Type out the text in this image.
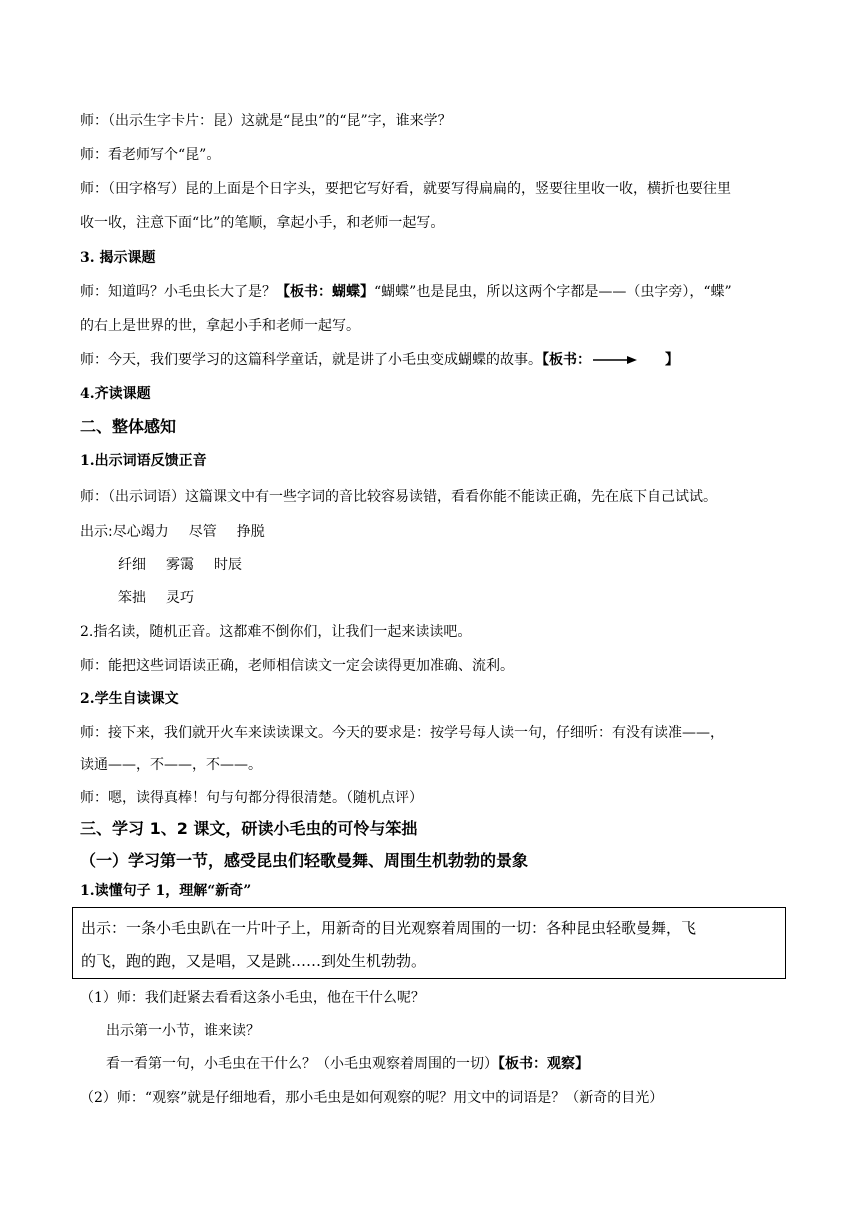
师：（出示生字卡片：昆）这就是“昆虫”的“昆”字，谁来学？
师：看老师写个“昆”。
师：（田字格写）昆的上面是个日字头，要把它写好看，就要写得扁扁的，竖要往里收一收，横折也要往里
收一收，注意下面“比”的笔顺，拿起小手，和老师一起写。
3. 揭示课题
师：知道吗？小毛虫长大了是？【板书：蝴蝶】“蝴蝶”也是昆虫，所以这两个字都是——（虫字旁），“蝶”
的右上是世界的世，拿起小手和老师一起写。
师：今天，我们要学习的这篇科学童话，就是讲了小毛虫变成蝴蝶的故事。【板书：	】
4.齐读课题
二、整体感知
1.出示词语反馈正音
师：（出示词语）这篇课文中有一些字词的音比较容易读错，看看你能不能读正确，先在底下自己试试。
出示:尽心竭力 尽管 挣脱
纤细 雾霭 时辰
笨拙 灵巧
2.指名读，随机正音。这都难不倒你们，让我们一起来读读吧。
师：能把这些词语读正确，老师相信读文一定会读得更加准确、流利。
2.学生自读课文
师：接下来，我们就开火车来读读课文。今天的要求是：按学号每人读一句，仔细听：有没有读准——，
读通——，不——，不——。
师：嗯，读得真棒！句与句都分得很清楚。（随机点评）
三、学习 1、2 课文，研读小毛虫的可怜与笨拙
（一）学习第一节，感受昆虫们轻歌曼舞、周围生机勃勃的景象
1.读懂句子 1，理解“新奇”
出示：一条小毛虫趴在一片叶子上，用新奇的目光观察着周围的一切：各种昆虫轻歌曼舞，飞
的飞，跑的跑，又是唱，又是跳……到处生机勃勃。
（1）师：我们赶紧去看看这条小毛虫，他在干什么呢？
出示第一小节，谁来读？
看一看第一句，小毛虫在干什么？（小毛虫观察着周围的一切）【板书：观察】
（2）师：“观察”就是仔细地看，那小毛虫是如何观察的呢？用文中的词语是？（新奇的目光）
